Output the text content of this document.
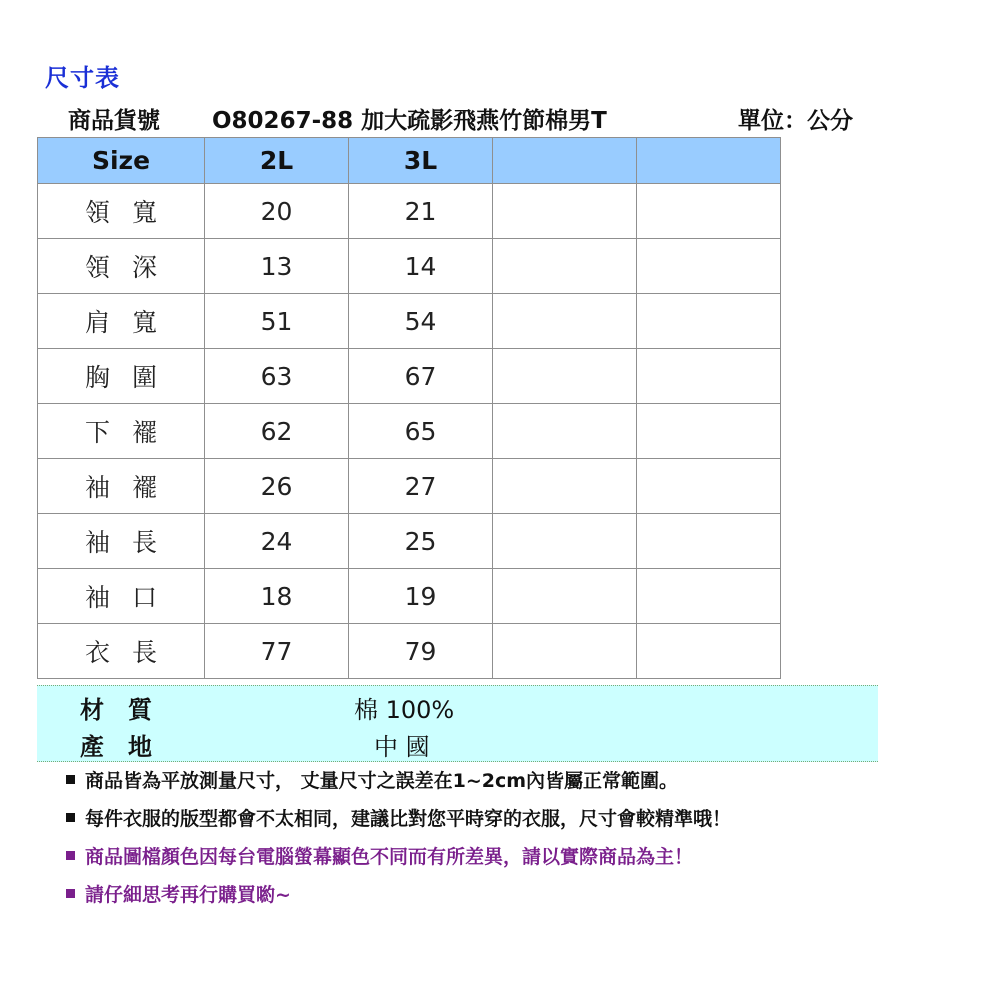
尺寸表
商品貨號 O80267-88 加大疏影飛燕竹節棉男T	單位：公分
Size	2L	3L		
領寬	20	21		
領深	13	14		
肩寬	51	54		
胸圍	63	67		
下襬	62	65		
袖襬	26	27		
袖長	24	25		
袖口	18	19		
衣長	77	79		
材質	棉 100%
產地	中 國
商品皆為平放測量尺寸， 丈量尺寸之誤差在1~2cm內皆屬正常範圍。
每件衣服的版型都會不太相同，建議比對您平時穿的衣服，尺寸會較精準哦！
商品圖檔顏色因每台電腦螢幕顯色不同而有所差異，請以實際商品為主！
請仔細思考再行購買喲~
